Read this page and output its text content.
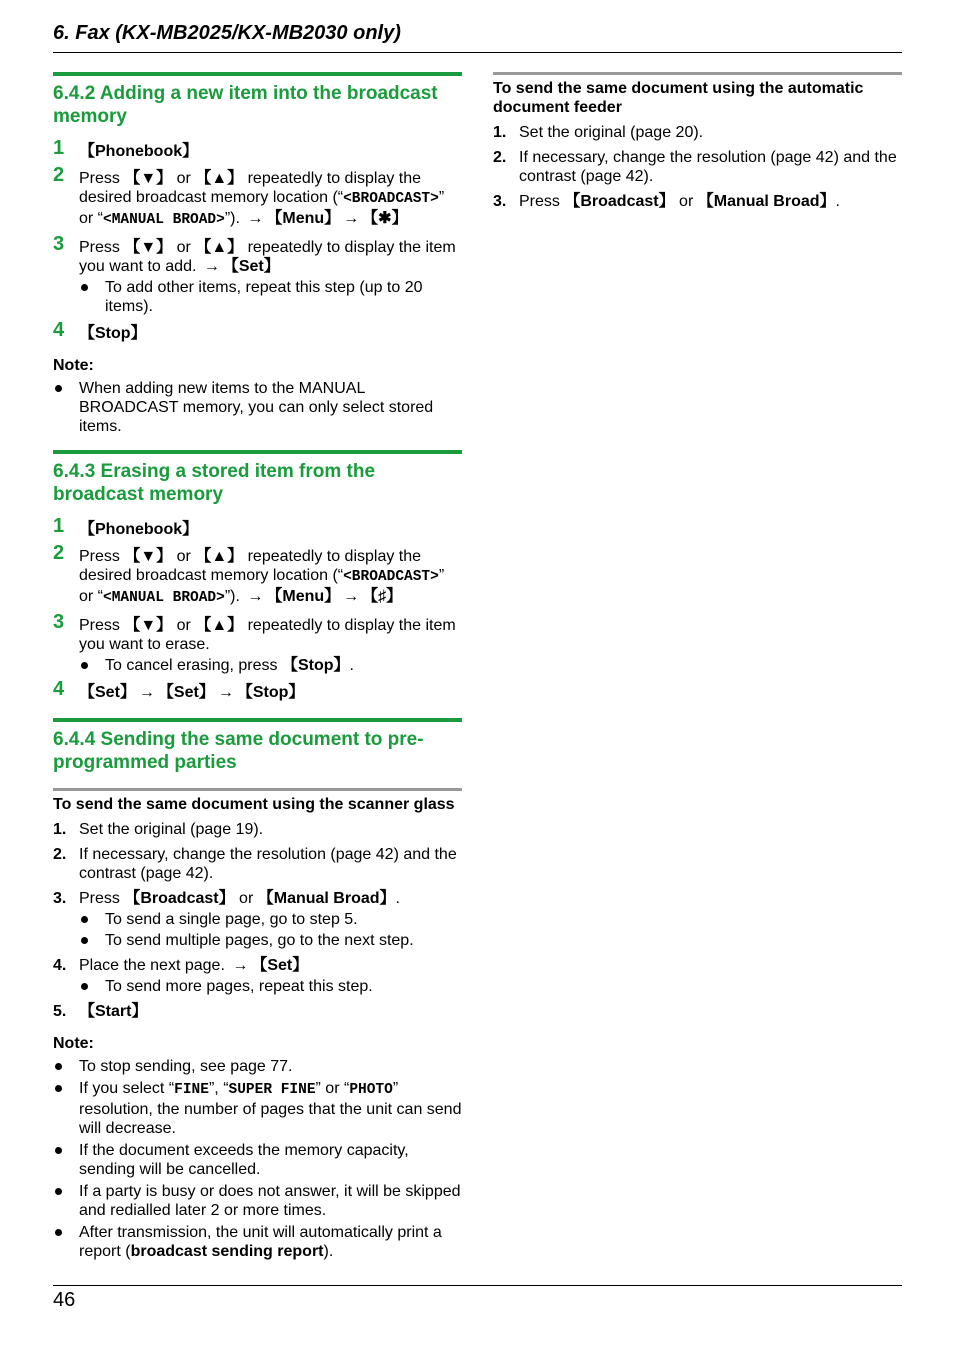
6. Fax (KX-MB2025/KX-MB2030 only)
6.4.2 Adding a new item into the broadcast memory
1 【Phonebook】
2 Press 【▼】 or 【▲】 repeatedly to display the desired broadcast memory location (“<BROADCAST>” or “<MANUAL BROAD>”). → 【Menu】 → 【✱】
3 Press 【▼】 or 【▲】 repeatedly to display the item you want to add. → 【Set】
To add other items, repeat this step (up to 20 items).
4 【Stop】
Note:
When adding new items to the MANUAL BROADCAST memory, you can only select stored items.
6.4.3 Erasing a stored item from the broadcast memory
1 【Phonebook】
2 Press 【▼】 or 【▲】 repeatedly to display the desired broadcast memory location (“<BROADCAST>” or “<MANUAL BROAD>”). → 【Menu】 → 【♯】
3 Press 【▼】 or 【▲】 repeatedly to display the item you want to erase.
To cancel erasing, press 【Stop】.
4 【Set】 → 【Set】 → 【Stop】
6.4.4 Sending the same document to pre-programmed parties
To send the same document using the scanner glass
1. Set the original (page 19).
2. If necessary, change the resolution (page 42) and the contrast (page 42).
3. Press 【Broadcast】 or 【Manual Broad】.
To send a single page, go to step 5.
To send multiple pages, go to the next step.
4. Place the next page. → 【Set】
To send more pages, repeat this step.
5. 【Start】
Note:
To stop sending, see page 77.
If you select “FINE”, “SUPER FINE” or “PHOTO” resolution, the number of pages that the unit can send will decrease.
If the document exceeds the memory capacity, sending will be cancelled.
If a party is busy or does not answer, it will be skipped and redialled later 2 or more times.
After transmission, the unit will automatically print a report (broadcast sending report).
To send the same document using the automatic document feeder
1. Set the original (page 20).
2. If necessary, change the resolution (page 42) and the contrast (page 42).
3. Press 【Broadcast】 or 【Manual Broad】.
46
